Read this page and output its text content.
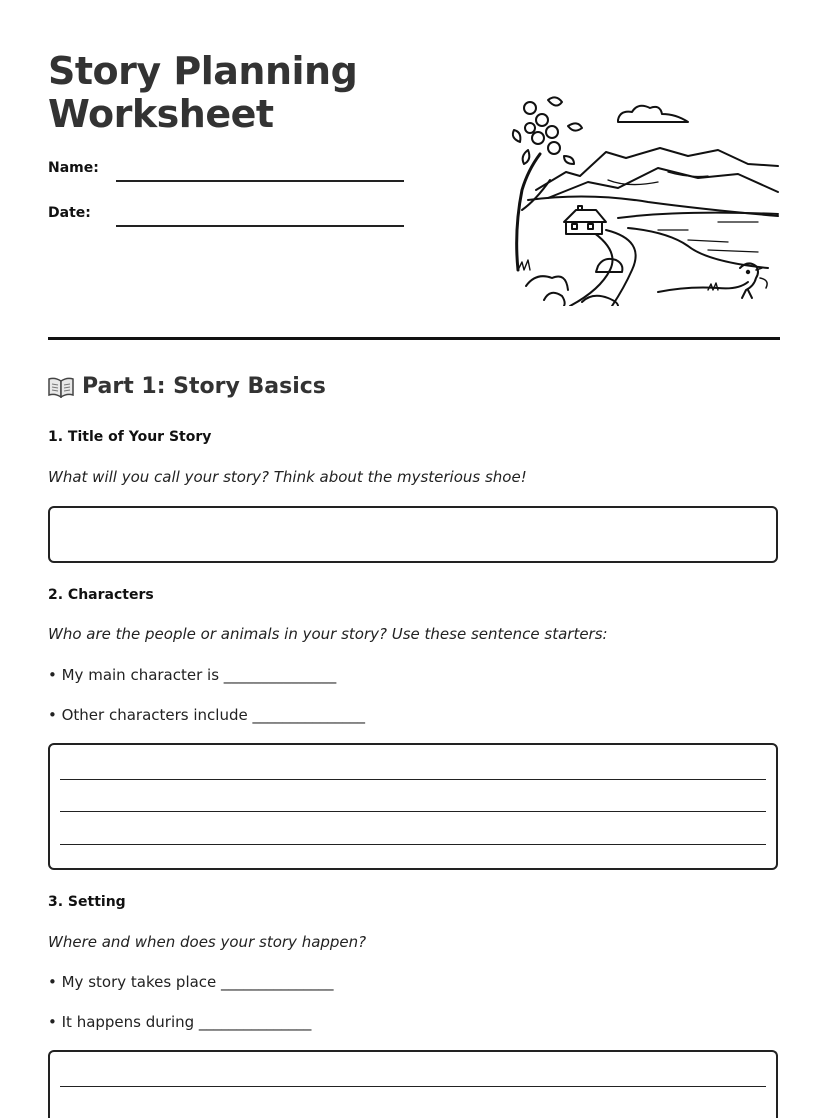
Story Planning
Worksheet
Name:
Date:
Part 1: Story Basics
1. Title of Your Story
What will you call your story? Think about the mysterious shoe!
2. Characters
Who are the people or animals in your story? Use these sentence starters:
• My main character is _______________
• Other characters include _______________
3. Setting
Where and when does your story happen?
• My story takes place _______________
• It happens during _______________
